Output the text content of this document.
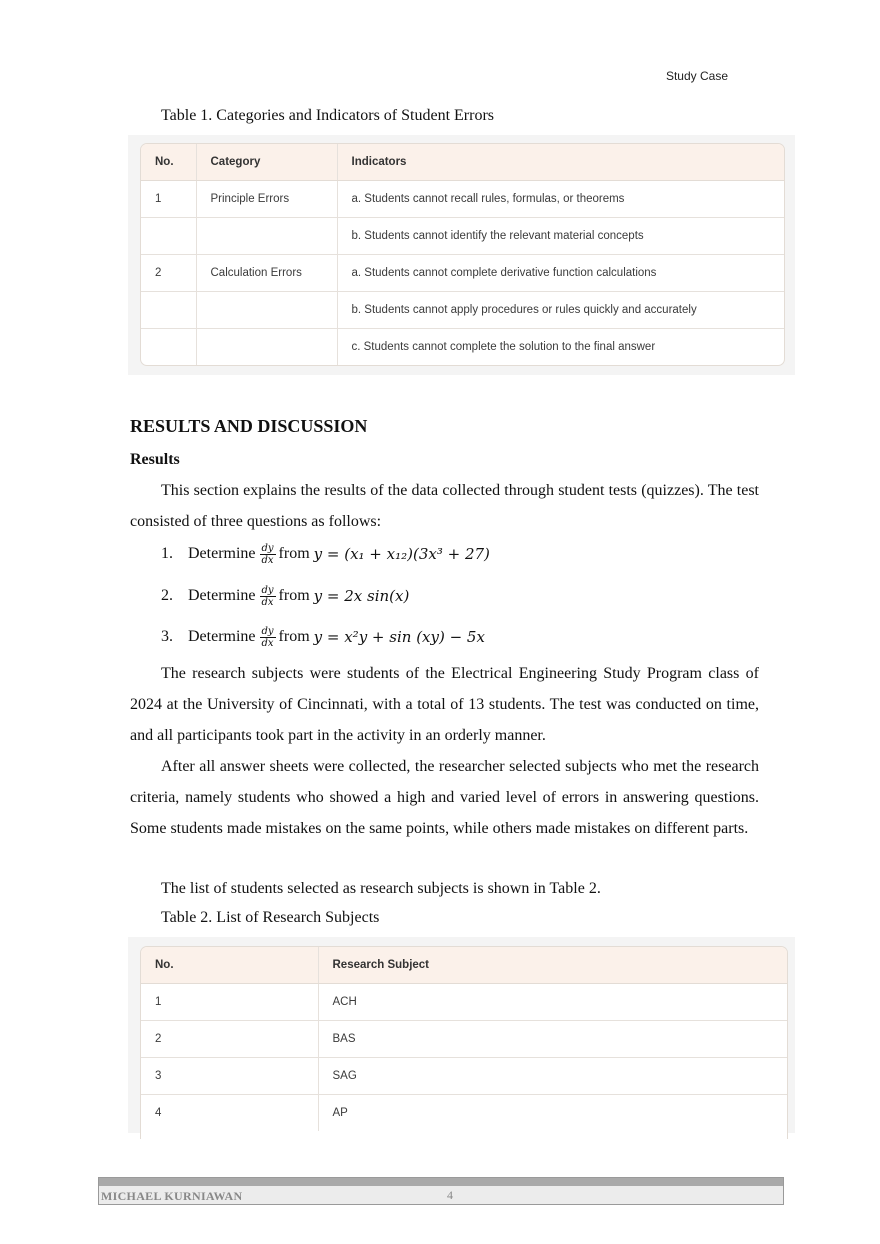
Study Case
Table 1. Categories and Indicators of Student Errors
No.	Category	Indicators
1	Principle Errors	a. Students cannot recall rules, formulas, or theorems
		b. Students cannot identify the relevant material concepts
2	Calculation Errors	a. Students cannot complete derivative function calculations
		b. Students cannot apply procedures or rules quickly and accurately
		c. Students cannot complete the solution to the final answer
RESULTS AND DISCUSSION
Results

This section explains the results of the data collected through student tests (quizzes). The test consisted of three questions as follows:

1. Determine $\frac{dy}{dx}$ from y = (x₁ + x₁₂)(3x³ + 27)
2. Determine $\frac{dy}{dx}$ from y = 2x sin(x)
3. Determine $\frac{dy}{dx}$ from y = x²y + sin (xy) − 5x

The research subjects were students of the Electrical Engineering Study Program class of 2024 at the University of Cincinnati, with a total of 13 students. The test was conducted on time, and all participants took part in the activity in an orderly manner.

After all answer sheets were collected, the researcher selected subjects who met the research criteria, namely students who showed a high and varied level of errors in answering questions. Some students made mistakes on the same points, while others made mistakes on different parts.

The list of students selected as research subjects is shown in Table 2.

Table 2. List of Research Subjects
No.	Research Subject
1	ACH
2	BAS
3	SAG
4	AP
MICHAEL KURNIAWAN	4
